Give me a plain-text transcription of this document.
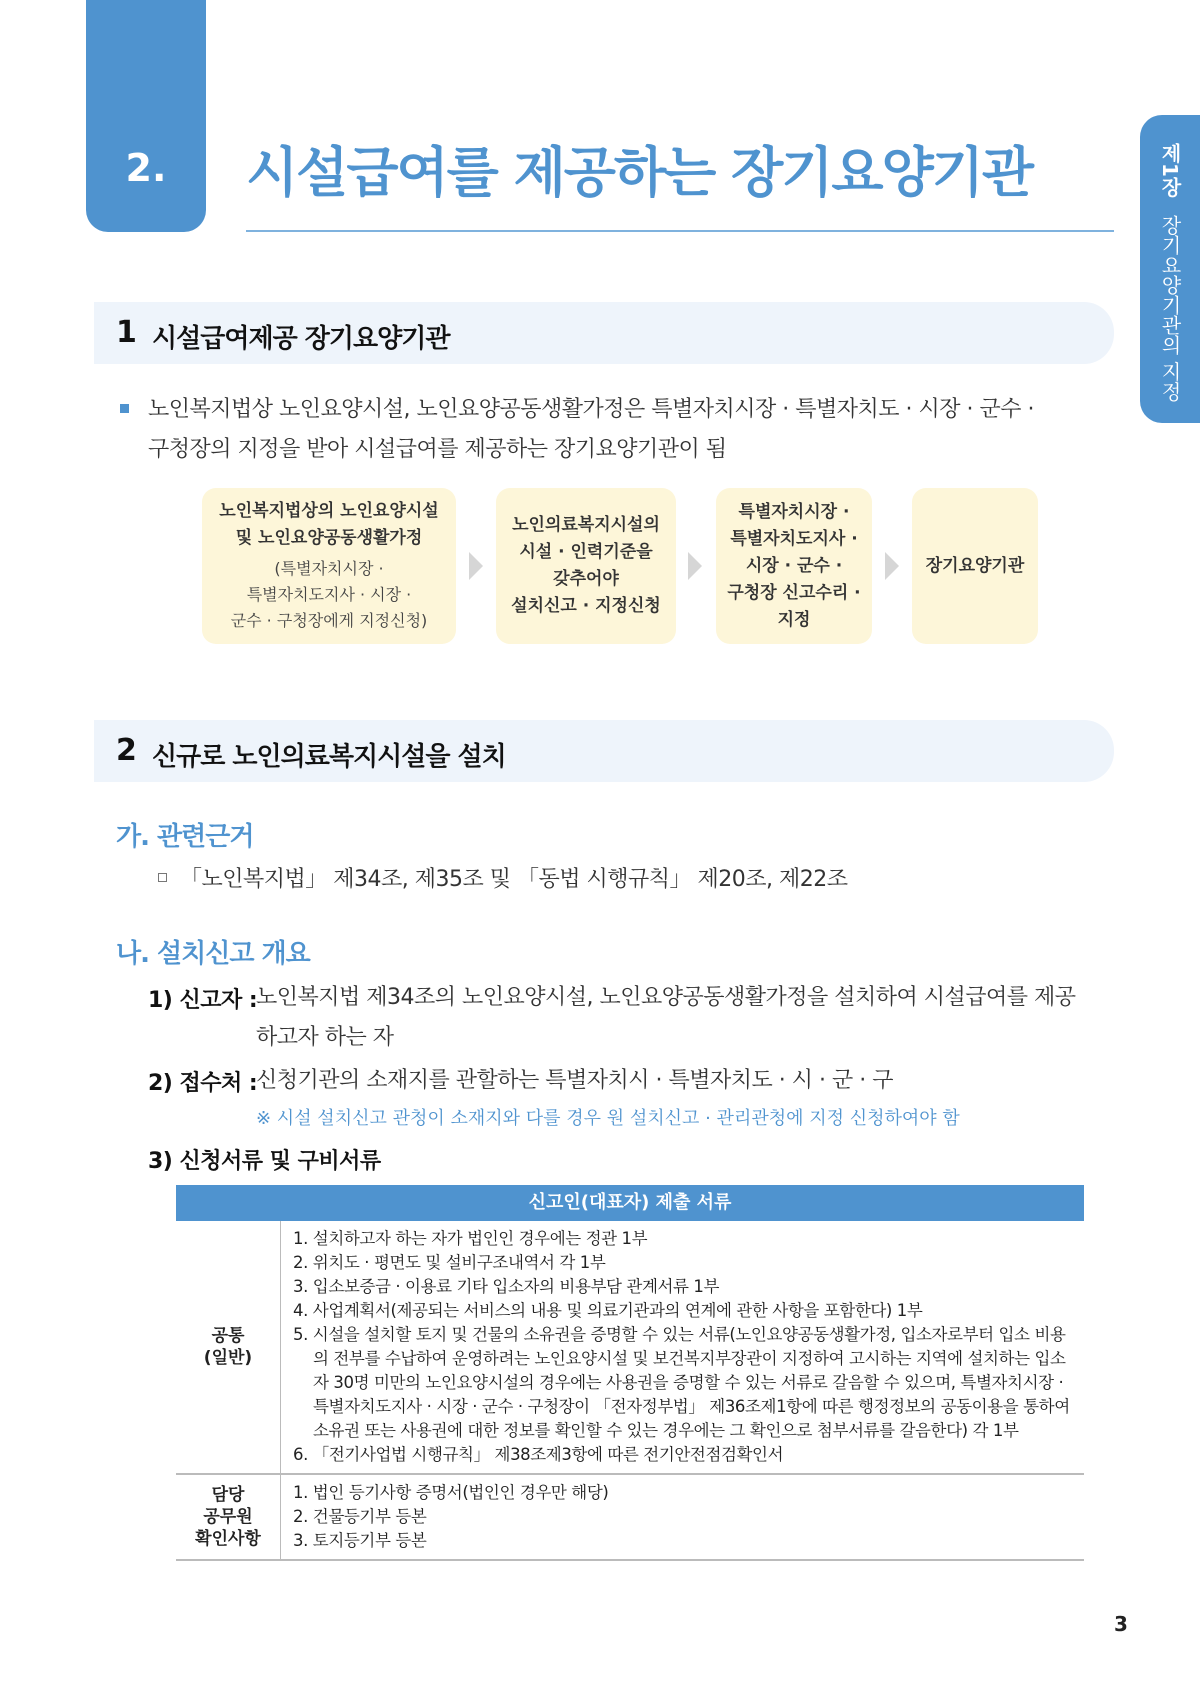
2.	시설급여를 제공하는 장기요양기관	제1장장기요양기관의 지정
1 시설급여제공 장기요양기관
노인복지법상 노인요양시설, 노인요양공동생활가정은 특별자치시장 · 특별자치도 · 시장 · 군수 ·
구청장의 지정을 받아 시설급여를 제공하는 장기요양기관이 됨
노인복지법상의 노인요양시설
및 노인요양공동생활가정
(특별자치시장 ·
특별자치도지사 · 시장 ·
군수 · 구청장에게 지정신청)
노인의료복지시설의
시설 · 인력기준을
갖추어야
설치신고 · 지정신청
특별자치시장 ·
특별자치도지사 ·
시장 · 군수 ·
구청장 신고수리 ·
지정
장기요양기관
2 신규로 노인의료복지시설을 설치
가. 관련근거
「노인복지법」 제34조, 제35조 및 「동법 시행규칙」 제20조, 제22조
나. 설치신고 개요
1) 신고자 :
노인복지법 제34조의 노인요양시설, 노인요양공동생활가정을 설치하여 시설급여를 제공
하고자 하는 자
2) 접수처 :
신청기관의 소재지를 관할하는 특별자치시 · 특별자치도 · 시 · 군 · 구
※ 시설 설치신고 관청이 소재지와 다를 경우 원 설치신고 · 관리관청에 지정 신청하여야 함
3) 신청서류 및 구비서류
신고인(대표자) 제출 서류
공통
(일반)
1. 설치하고자 하는 자가 법인인 경우에는 정관 1부
2. 위치도 · 평면도 및 설비구조내역서 각 1부
3. 입소보증금 · 이용료 기타 입소자의 비용부담 관계서류 1부
4. 사업계획서(제공되는 서비스의 내용 및 의료기관과의 연계에 관한 사항을 포함한다) 1부
5. 시설을 설치할 토지 및 건물의 소유권을 증명할 수 있는 서류(노인요양공동생활가정, 입소자로부터 입소 비용의 전부를 수납하여 운영하려는 노인요양시설 및 보건복지부장관이 지정하여 고시하는 지역에 설치하는 입소자 30명 미만의 노인요양시설의 경우에는 사용권을 증명할 수 있는 서류로 갈음할 수 있으며, 특별자치시장 · 특별자치도지사 · 시장 · 군수 · 구청장이 「전자정부법」 제36조제1항에 따른 행정정보의 공동이용을 통하여 소유권 또는 사용권에 대한 정보를 확인할 수 있는 경우에는 그 확인으로 첨부서류를 갈음한다) 각 1부
6. 「전기사업법 시행규칙」 제38조제3항에 따른 전기안전점검확인서
담당
공무원
확인사항
1. 법인 등기사항 증명서(법인인 경우만 해당)
2. 건물등기부 등본
3. 토지등기부 등본
3
